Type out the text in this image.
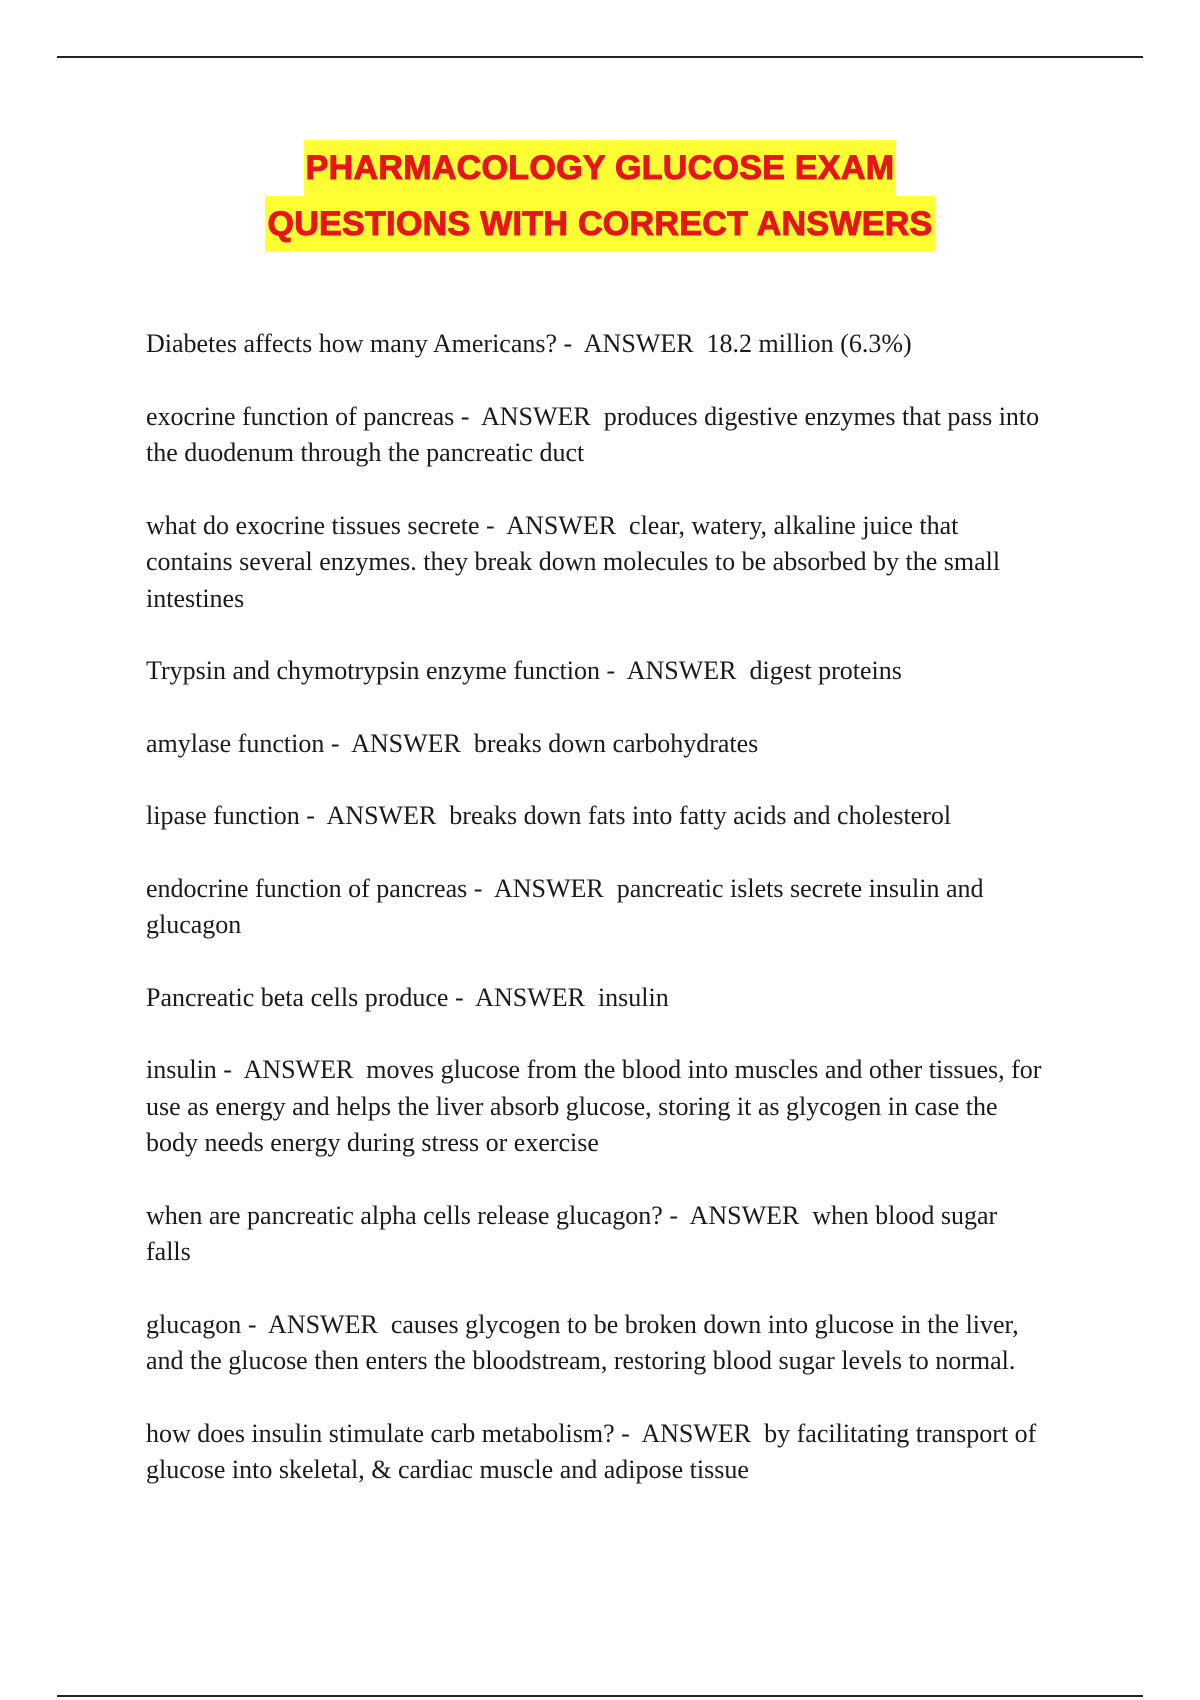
PHARMACOLOGY GLUCOSE EXAM
QUESTIONS WITH CORRECT ANSWERS

Diabetes affects how many Americans? -  ANSWER  18.2 million (6.3%)

exocrine function of pancreas -  ANSWER  produces digestive enzymes that pass into the duodenum through the pancreatic duct

what do exocrine tissues secrete -  ANSWER  clear, watery, alkaline juice that contains several enzymes. they break down molecules to be absorbed by the small intestines

Trypsin and chymotrypsin enzyme function -  ANSWER  digest proteins

amylase function -  ANSWER  breaks down carbohydrates

lipase function -  ANSWER  breaks down fats into fatty acids and cholesterol

endocrine function of pancreas -  ANSWER  pancreatic islets secrete insulin and glucagon

Pancreatic beta cells produce -  ANSWER  insulin

insulin -  ANSWER  moves glucose from the blood into muscles and other tissues, for use as energy and helps the liver absorb glucose, storing it as glycogen in case the body needs energy during stress or exercise

when are pancreatic alpha cells release glucagon? -  ANSWER  when blood sugar falls

glucagon -  ANSWER  causes glycogen to be broken down into glucose in the liver, and the glucose then enters the bloodstream, restoring blood sugar levels to normal.

how does insulin stimulate carb metabolism? -  ANSWER  by facilitating transport of glucose into skeletal, & cardiac muscle and adipose tissue
